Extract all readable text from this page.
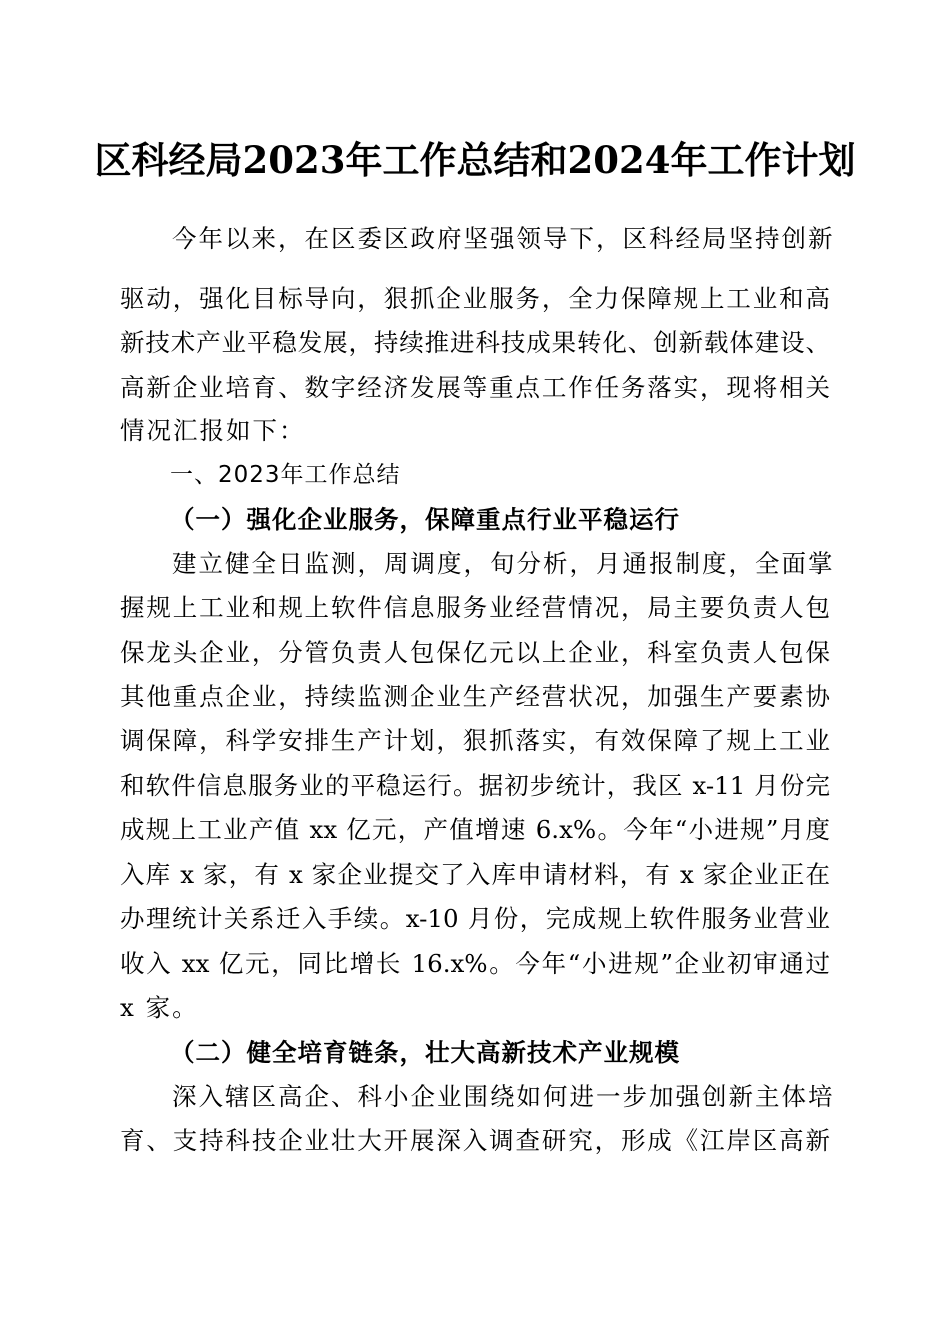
区科经局2023年工作总结和2024年工作计划
今年以来，在区委区政府坚强领导下，区科经局坚持创新
驱动，强化目标导向，狠抓企业服务，全力保障规上工业和高
新技术产业平稳发展，持续推进科技成果转化、创新载体建设、
高新企业培育、数字经济发展等重点工作任务落实，现将相关
情况汇报如下：
一、2023年工作总结
（一）强化企业服务，保障重点行业平稳运行
建立健全日监测，周调度，旬分析，月通报制度，全面掌
握规上工业和规上软件信息服务业经营情况，局主要负责人包
保龙头企业，分管负责人包保亿元以上企业，科室负责人包保
其他重点企业，持续监测企业生产经营状况，加强生产要素协
调保障，科学安排生产计划，狠抓落实，有效保障了规上工业
和软件信息服务业的平稳运行。据初步统计，我区 x-11 月份完
成规上工业产值 xx 亿元，产值增速 6.x%。今年“小进规”月度
入库 x 家，有 x 家企业提交了入库申请材料，有 x 家企业正在
办理统计关系迁入手续。x-10 月份，完成规上软件服务业营业
收入 xx 亿元，同比增长 16.x%。今年“小进规”企业初审通过
x 家。
（二）健全培育链条，壮大高新技术产业规模
深入辖区高企、科小企业围绕如何进一步加强创新主体培
育、支持科技企业壮大开展深入调查研究，形成《江岸区高新
